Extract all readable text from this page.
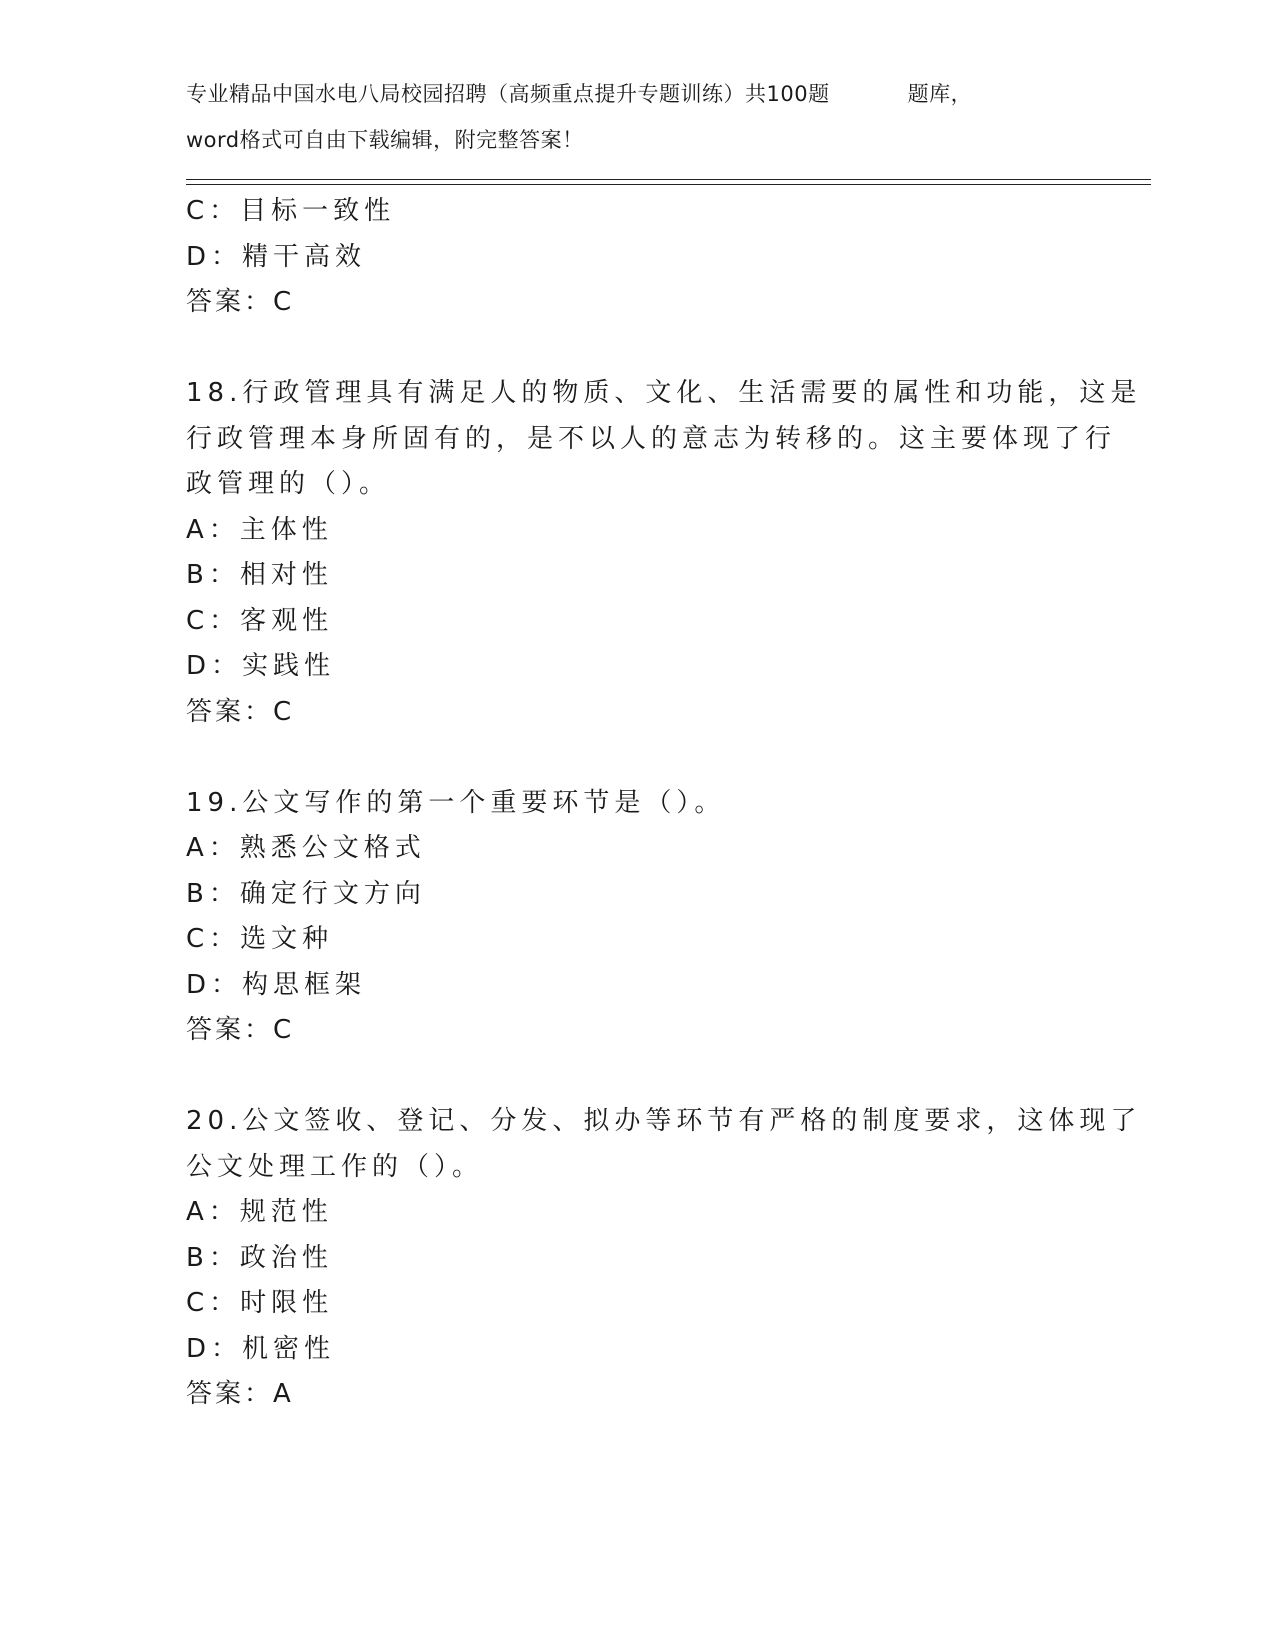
专业精品中国水电八局校园招聘（高频重点提升专题训练）共100题	题库，
word格式可自由下载编辑，附完整答案！
C：目标一致性
D：精干高效
答案：C
18.行政管理具有满足人的物质、文化、生活需要的属性和功能，这是
行政管理本身所固有的，是不以人的意志为转移的。这主要体现了行
政管理的（）。
A：主体性
B：相对性
C：客观性
D：实践性
答案：C
19.公文写作的第一个重要环节是（）。
A：熟悉公文格式
B：确定行文方向
C：选文种
D：构思框架
答案：C
20.公文签收、登记、分发、拟办等环节有严格的制度要求，这体现了
公文处理工作的（）。
A：规范性
B：政治性
C：时限性
D：机密性
答案：A
